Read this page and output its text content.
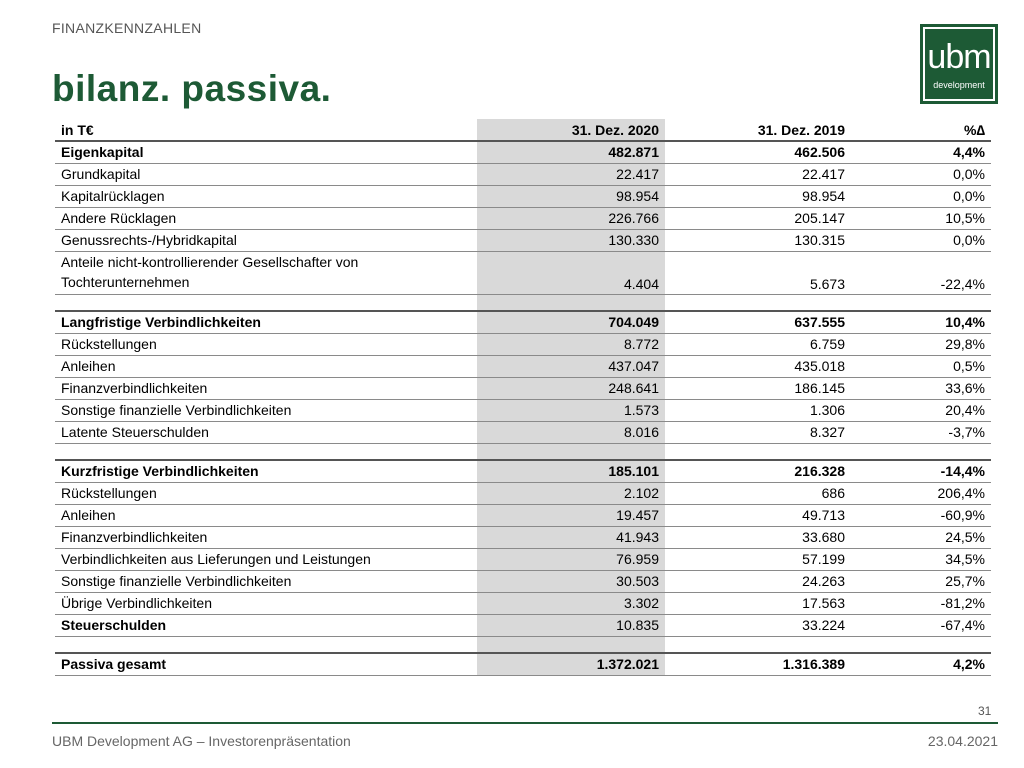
FINANZKENNZAHLEN
bilanz. passiva.
ubm
development
in T€	31. Dez. 2020	31. Dez. 2019	%∆
Eigenkapital	482.871	462.506	4,4%
Grundkapital	22.417	22.417	0,0%
Kapitalrücklagen	98.954	98.954	0,0%
Andere Rücklagen	226.766	205.147	10,5%
Genussrechts-/Hybridkapital	130.330	130.315	0,0%
Anteile nicht-kontrollierender Gesellschafter von Tochterunternehmen	4.404	5.673	-22,4%

Langfristige Verbindlichkeiten	704.049	637.555	10,4%
Rückstellungen	8.772	6.759	29,8%
Anleihen	437.047	435.018	0,5%
Finanzverbindlichkeiten	248.641	186.145	33,6%
Sonstige finanzielle Verbindlichkeiten	1.573	1.306	20,4%
Latente Steuerschulden	8.016	8.327	-3,7%

Kurzfristige Verbindlichkeiten	185.101	216.328	-14,4%
Rückstellungen	2.102	686	206,4%
Anleihen	19.457	49.713	-60,9%
Finanzverbindlichkeiten	41.943	33.680	24,5%
Verbindlichkeiten aus Lieferungen und Leistungen	76.959	57.199	34,5%
Sonstige finanzielle Verbindlichkeiten	30.503	24.263	25,7%
Übrige Verbindlichkeiten	3.302	17.563	-81,2%
Steuerschulden	10.835	33.224	-67,4%

Passiva gesamt	1.372.021	1.316.389	4,2%
31
UBM Development AG – Investorenpräsentation	23.04.2021
